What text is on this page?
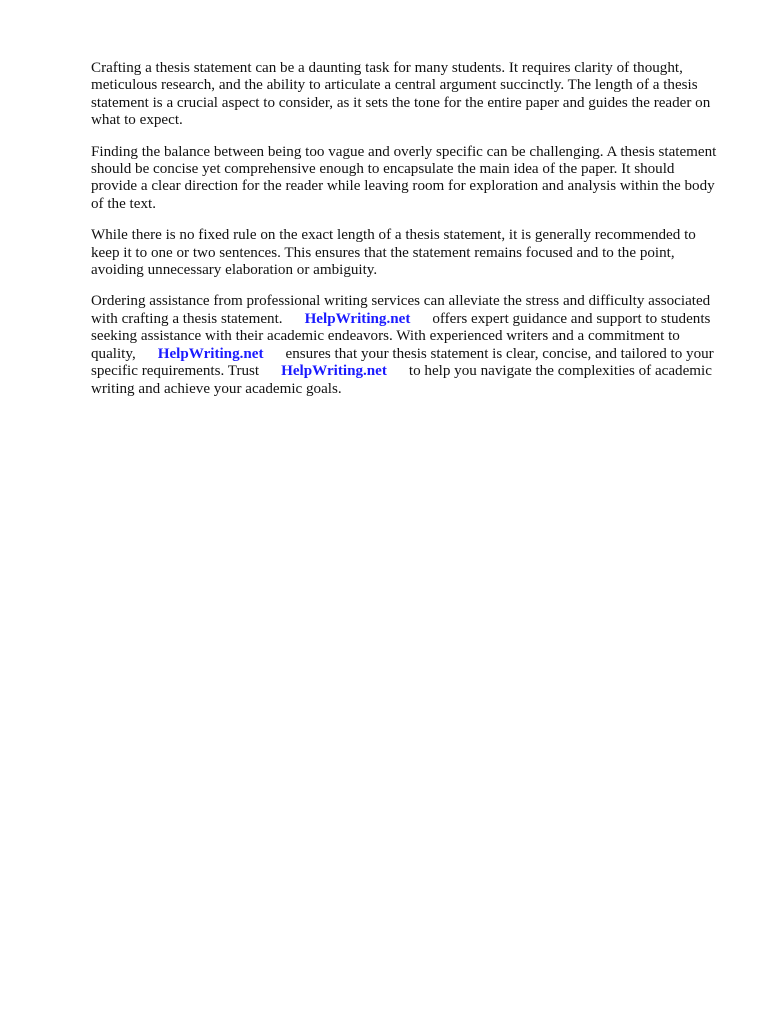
Crafting a thesis statement can be a daunting task for many students. It requires clarity of thought, meticulous research, and the ability to articulate a central argument succinctly. The length of a thesis statement is a crucial aspect to consider, as it sets the tone for the entire paper and guides the reader on what to expect.

Finding the balance between being too vague and overly specific can be challenging. A thesis statement should be concise yet comprehensive enough to encapsulate the main idea of the paper. It should provide a clear direction for the reader while leaving room for exploration and analysis within the body of the text.

While there is no fixed rule on the exact length of a thesis statement, it is generally recommended to keep it to one or two sentences. This ensures that the statement remains focused and to the point, avoiding unnecessary elaboration or ambiguity.

Ordering assistance from professional writing services can alleviate the stress and difficulty associated with crafting a thesis statement. HelpWriting.net offers expert guidance and support to students seeking assistance with their academic endeavors. With experienced writers and a commitment to quality, HelpWriting.net ensures that your thesis statement is clear, concise, and tailored to your specific requirements. Trust HelpWriting.net to help you navigate the complexities of academic writing and achieve your academic goals.
